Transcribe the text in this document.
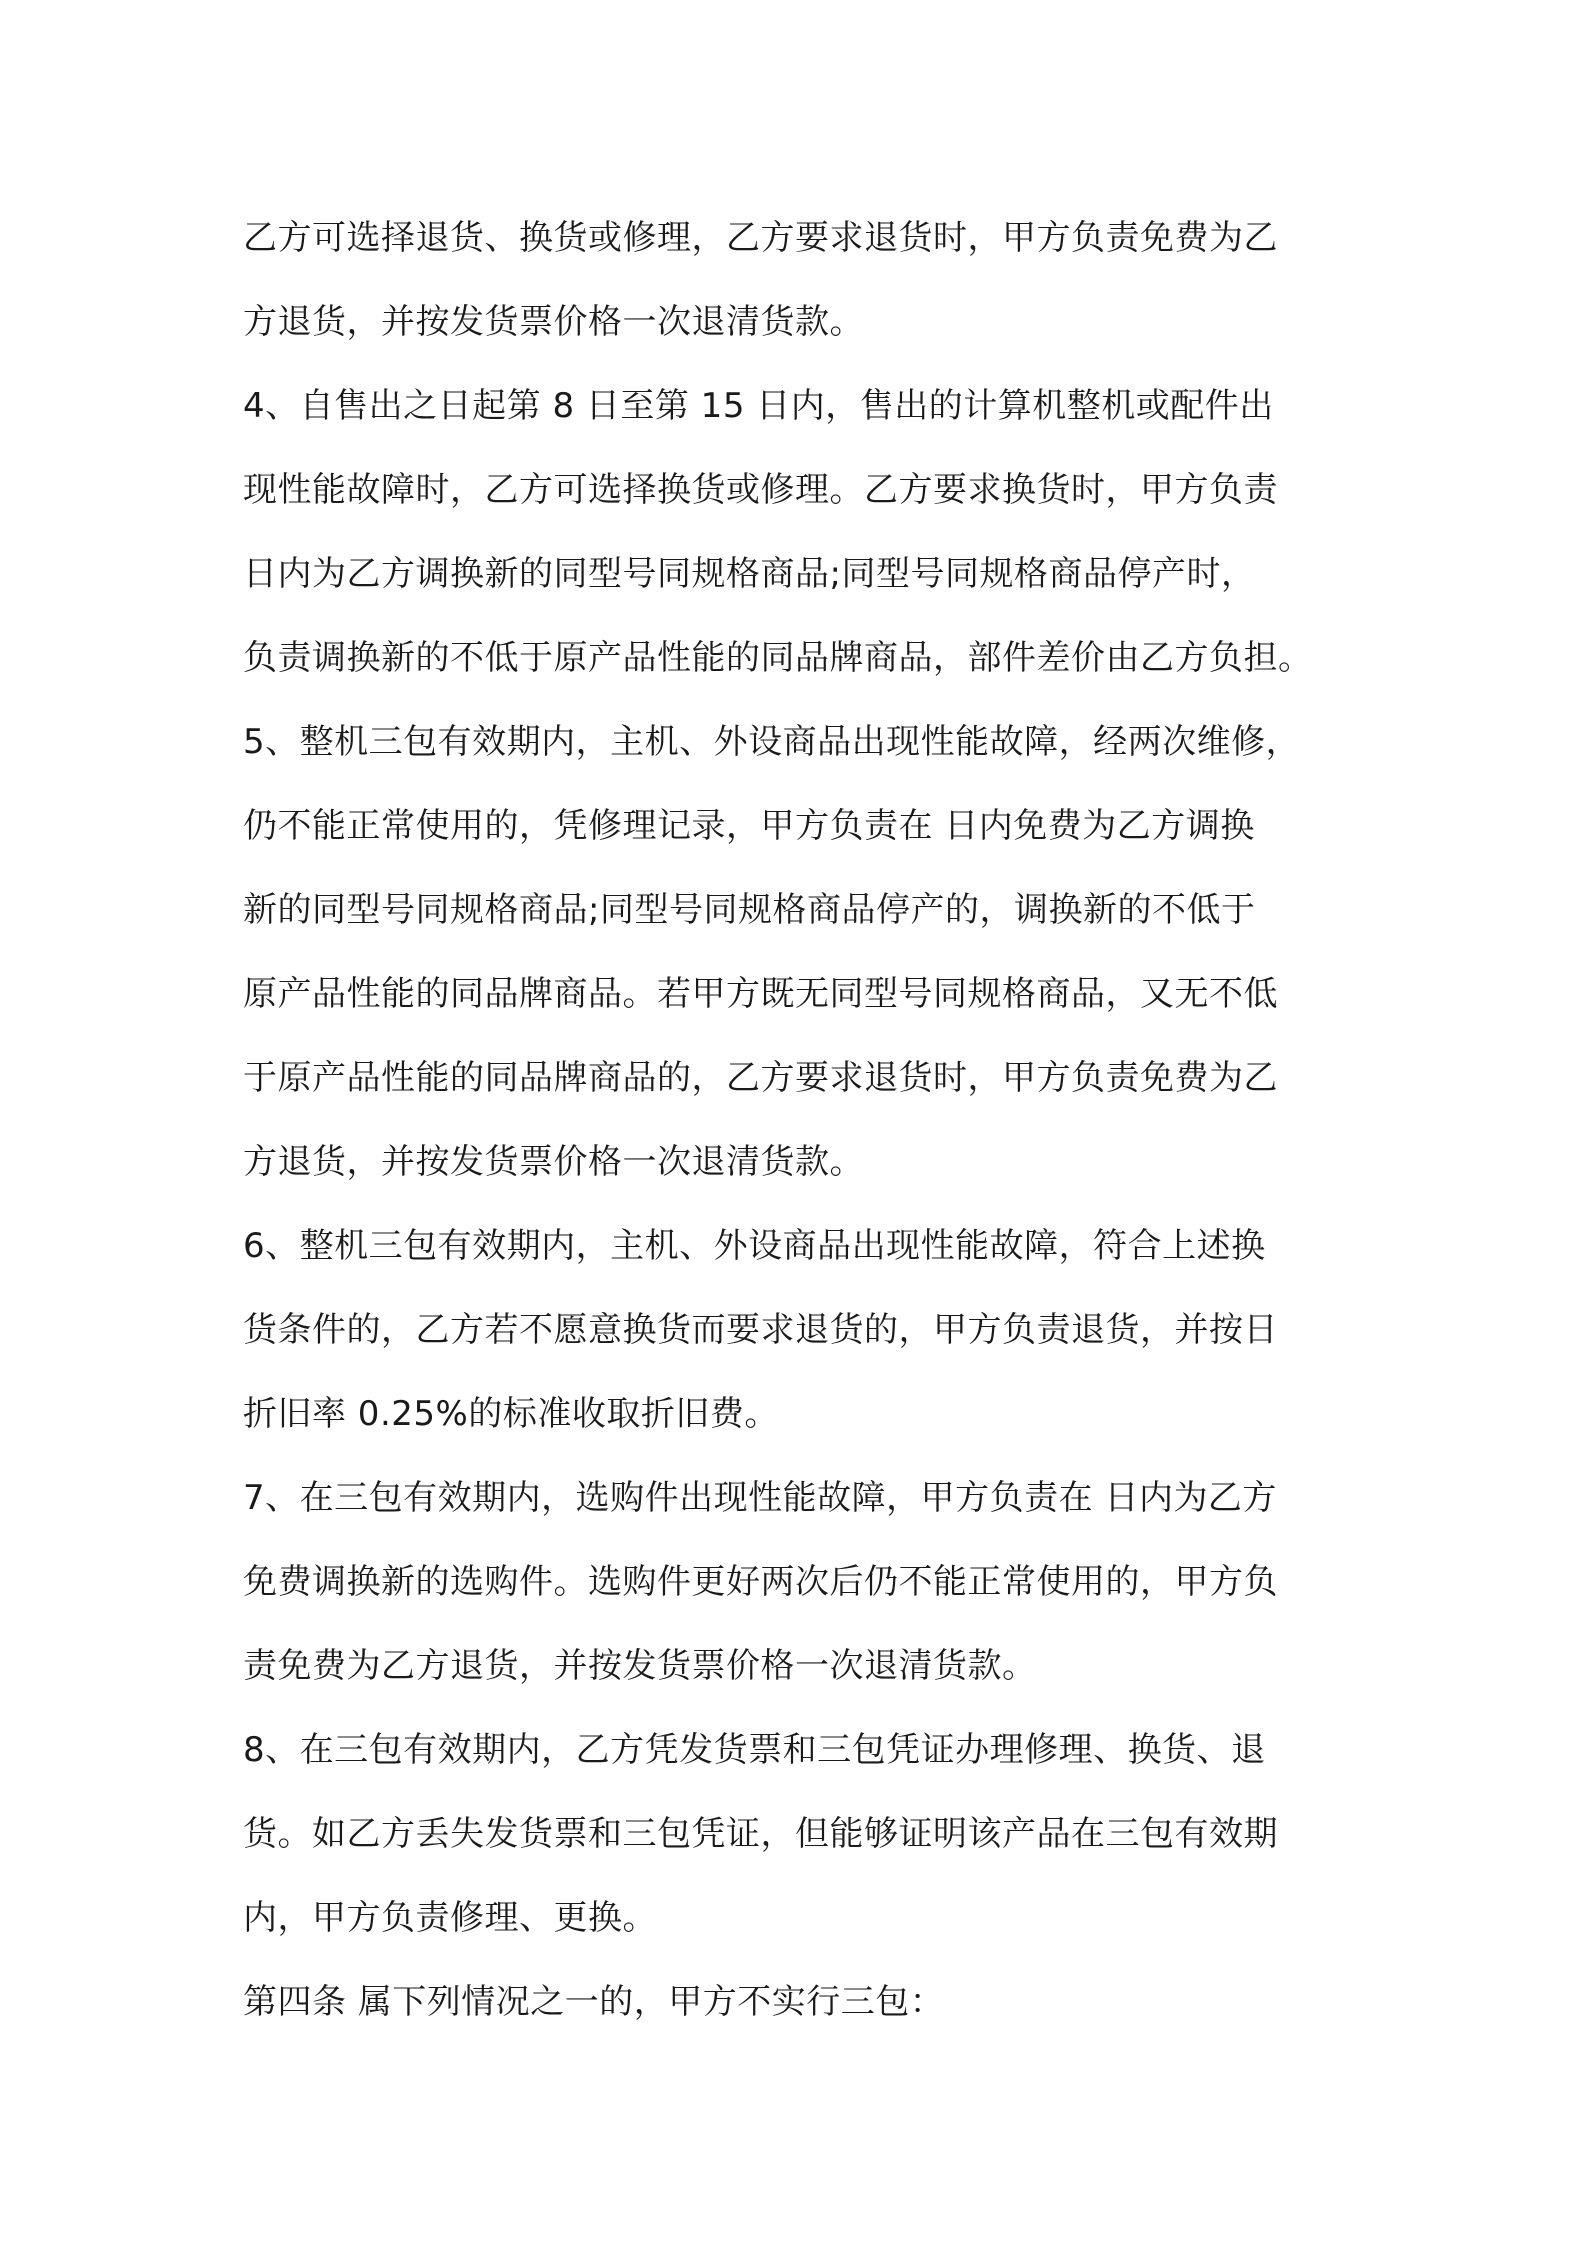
乙方可选择退货、换货或修理，乙方要求退货时，甲方负责免费为乙
方退货，并按发货票价格一次退清货款。
4、自售出之日起第 8 日至第 15 日内，售出的计算机整机或配件出
现性能故障时，乙方可选择换货或修理。乙方要求换货时，甲方负责
日内为乙方调换新的同型号同规格商品;同型号同规格商品停产时，
负责调换新的不低于原产品性能的同品牌商品，部件差价由乙方负担。
5、整机三包有效期内，主机、外设商品出现性能故障，经两次维修，
仍不能正常使用的，凭修理记录，甲方负责在 日内免费为乙方调换
新的同型号同规格商品;同型号同规格商品停产的，调换新的不低于
原产品性能的同品牌商品。若甲方既无同型号同规格商品，又无不低
于原产品性能的同品牌商品的，乙方要求退货时，甲方负责免费为乙
方退货，并按发货票价格一次退清货款。
6、整机三包有效期内，主机、外设商品出现性能故障，符合上述换
货条件的，乙方若不愿意换货而要求退货的，甲方负责退货，并按日
折旧率 0.25%的标准收取折旧费。
7、在三包有效期内，选购件出现性能故障，甲方负责在 日内为乙方
免费调换新的选购件。选购件更好两次后仍不能正常使用的，甲方负
责免费为乙方退货，并按发货票价格一次退清货款。
8、在三包有效期内，乙方凭发货票和三包凭证办理修理、换货、退
货。如乙方丢失发货票和三包凭证，但能够证明该产品在三包有效期
内，甲方负责修理、更换。
第四条 属下列情况之一的，甲方不实行三包：
